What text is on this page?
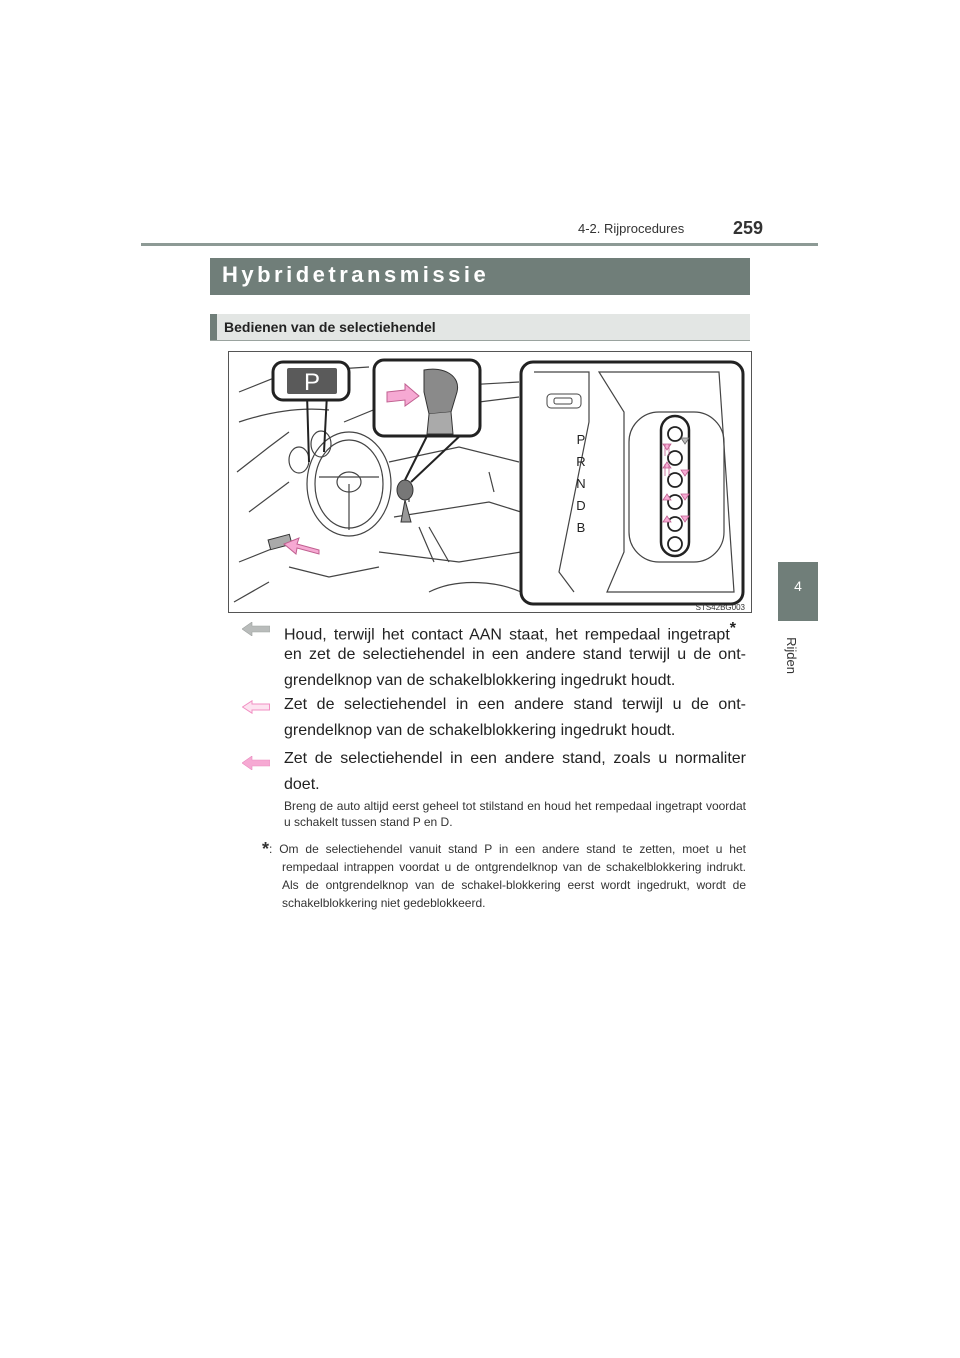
4-2. Rijprocedures	259
4
Rijden
Hybridetransmissie
Bedienen van de selectiehendel
P
P
R
N
D
B
STS42BG003
Houd, terwijl het contact AAN staat, het rempedaal ingetrapt*
en zet de selectiehendel in een andere stand terwijl u de ont-
grendelknop van de schakelblokkering ingedrukt houdt.
Zet de selectiehendel in een andere stand terwijl u de ont-
grendelknop van de schakelblokkering ingedrukt houdt.
Zet de selectiehendel in een andere stand, zoals u normaliter
doet.
Breng de auto altijd eerst geheel tot stilstand en houd het rempedaal ingetrapt voordat u schakelt tussen stand P en D.
*: Om de selectiehendel vanuit stand P in een andere stand te zetten, moet u het rempedaal intrappen voordat u de ontgrendelknop van de schakelblokkering indrukt. Als de ontgrendelknop van de schakel-blokkering eerst wordt ingedrukt, wordt de schakelblokkering niet gedeblokkeerd.
